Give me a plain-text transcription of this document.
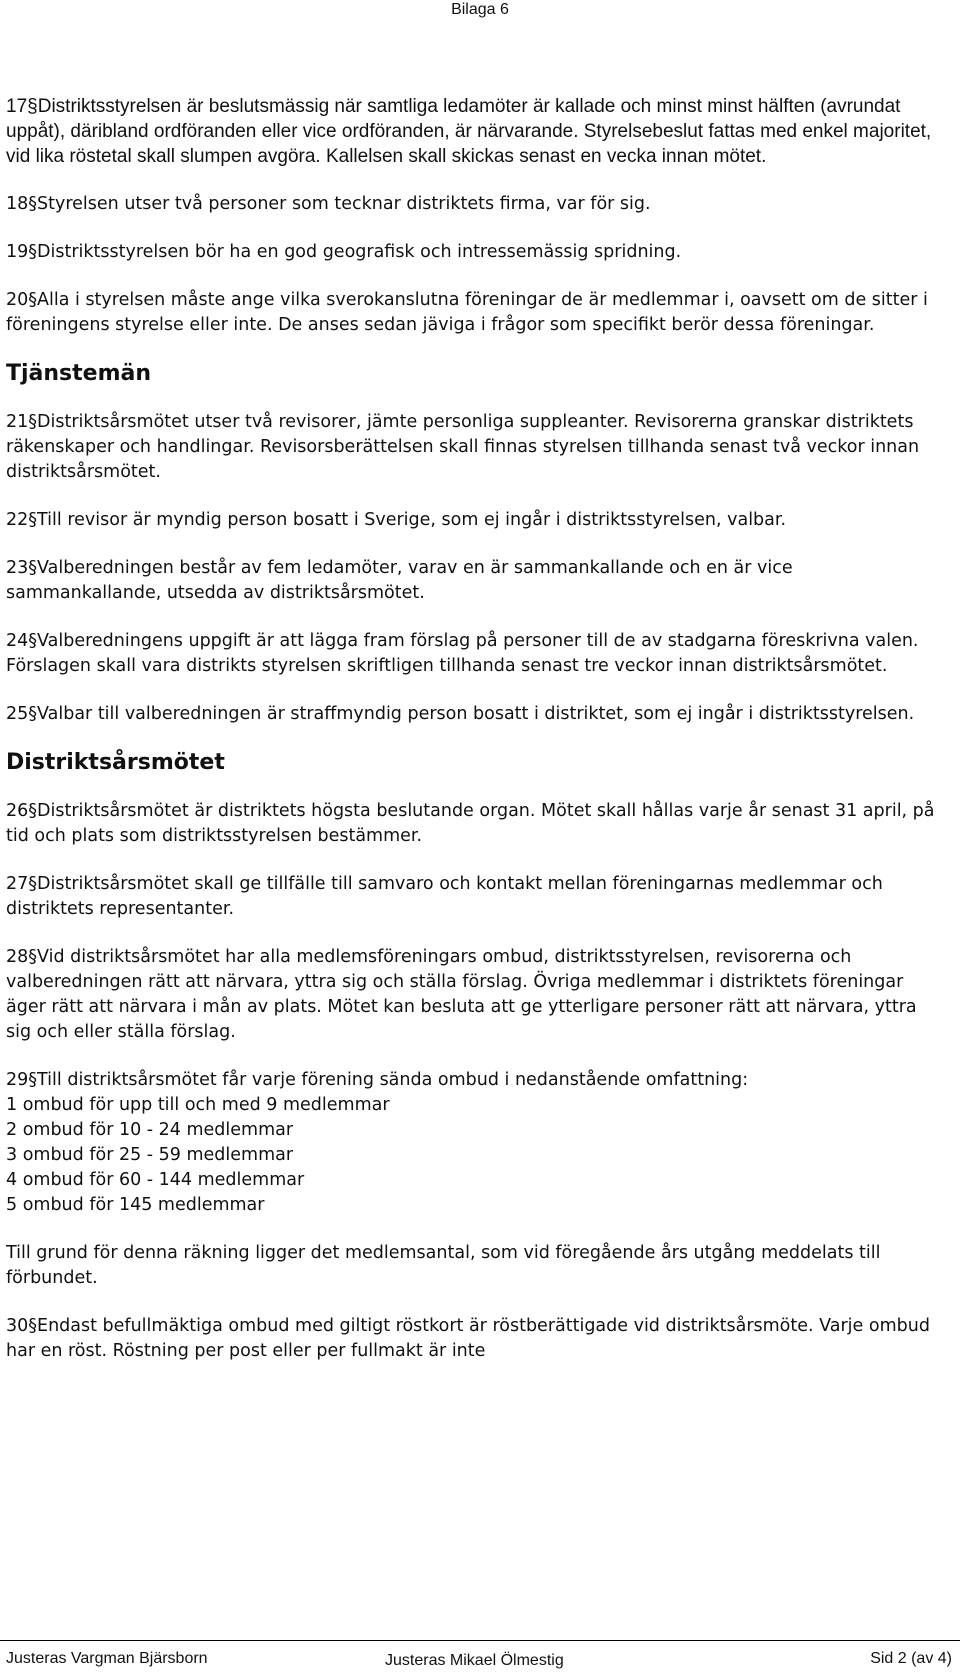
Bilaga 6

17§Distriktsstyrelsen är beslutsmässig när samtliga ledamöter är kallade och minst minst hälften (avrundat uppåt), däribland ordföranden eller vice ordföranden, är närvarande. Styrelsebeslut fattas med enkel majoritet, vid lika röstetal skall slumpen avgöra. Kallelsen skall skickas senast en vecka innan mötet.

18§Styrelsen utser två personer som tecknar distriktets firma, var för sig.

19§Distriktsstyrelsen bör ha en god geografisk och intressemässig spridning.

20§Alla i styrelsen måste ange vilka sverokanslutna föreningar de är medlemmar i, oavsett om de sitter i föreningens styrelse eller inte. De anses sedan jäviga i frågor som specifikt berör dessa föreningar.

Tjänstemän

21§Distriktsårsmötet utser två revisorer, jämte personliga suppleanter. Revisorerna granskar distriktets räkenskaper och handlingar. Revisorsberättelsen skall finnas styrelsen tillhanda senast två veckor innan distriktsårsmötet.

22§Till revisor är myndig person bosatt i Sverige, som ej ingår i distriktsstyrelsen, valbar.

23§Valberedningen består av fem ledamöter, varav en är sammankallande och en är vice sammankallande, utsedda av distriktsårsmötet.

24§Valberedningens uppgift är att lägga fram förslag på personer till de av stadgarna föreskrivna valen. Förslagen skall vara distrikts styrelsen skriftligen tillhanda senast tre veckor innan distriktsårsmötet.

25§Valbar till valberedningen är straffmyndig person bosatt i distriktet, som ej ingår i distriktsstyrelsen.

Distriktsårsmötet

26§Distriktsårsmötet är distriktets högsta beslutande organ. Mötet skall hållas varje år senast 31 april, på tid och plats som distriktsstyrelsen bestämmer.

27§Distriktsårsmötet skall ge tillfälle till samvaro och kontakt mellan föreningarnas medlemmar och distriktets representanter.

28§Vid distriktsårsmötet har alla medlemsföreningars ombud, distriktsstyrelsen, revisorerna och valberedningen rätt att närvara, yttra sig och ställa förslag. Övriga medlemmar i distriktets föreningar äger rätt att närvara i mån av plats. Mötet kan besluta att ge ytterligare personer rätt att närvara, yttra sig och eller ställa förslag.

29§Till distriktsårsmötet får varje förening sända ombud i nedanstående omfattning:
1 ombud för upp till och med 9 medlemmar
2 ombud för 10 - 24 medlemmar
3 ombud för 25 - 59 medlemmar
4 ombud för 60 - 144 medlemmar
5 ombud för 145 medlemmar

Till grund för denna räkning ligger det medlemsantal, som vid föregående års utgång meddelats till förbundet.

30§Endast befullmäktiga ombud med giltigt röstkort är röstberättigade vid distriktsårsmöte. Varje ombud har en röst. Röstning per post eller per fullmakt är inte

Justeras Vargman Bjärsborn	Justeras Mikael Ölmestig	Sid 2 (av 4)
